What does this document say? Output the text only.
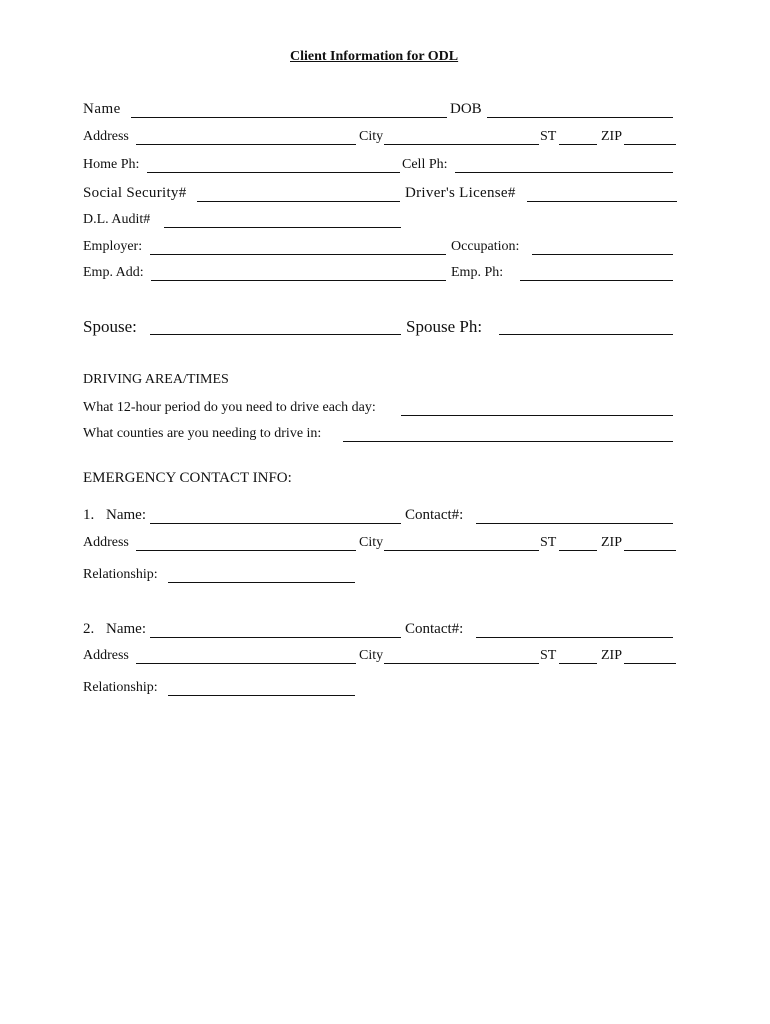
Client Information for ODL
Name	DOB
Address	City	ST	ZIP
Home Ph:	Cell Ph:
Social Security#	Driver's License#
D.L. Audit#
Employer:	Occupation:
Emp. Add:	Emp. Ph:
Spouse:	Spouse Ph:
DRIVING AREA/TIMES
What 12-hour period do you need to drive each day:
What counties are you needing to drive in:
EMERGENCY CONTACT INFO:
1. Name:	Contact#:
Address	City	ST	ZIP
Relationship:
2. Name:	Contact#:
Address	City	ST	ZIP
Relationship:
